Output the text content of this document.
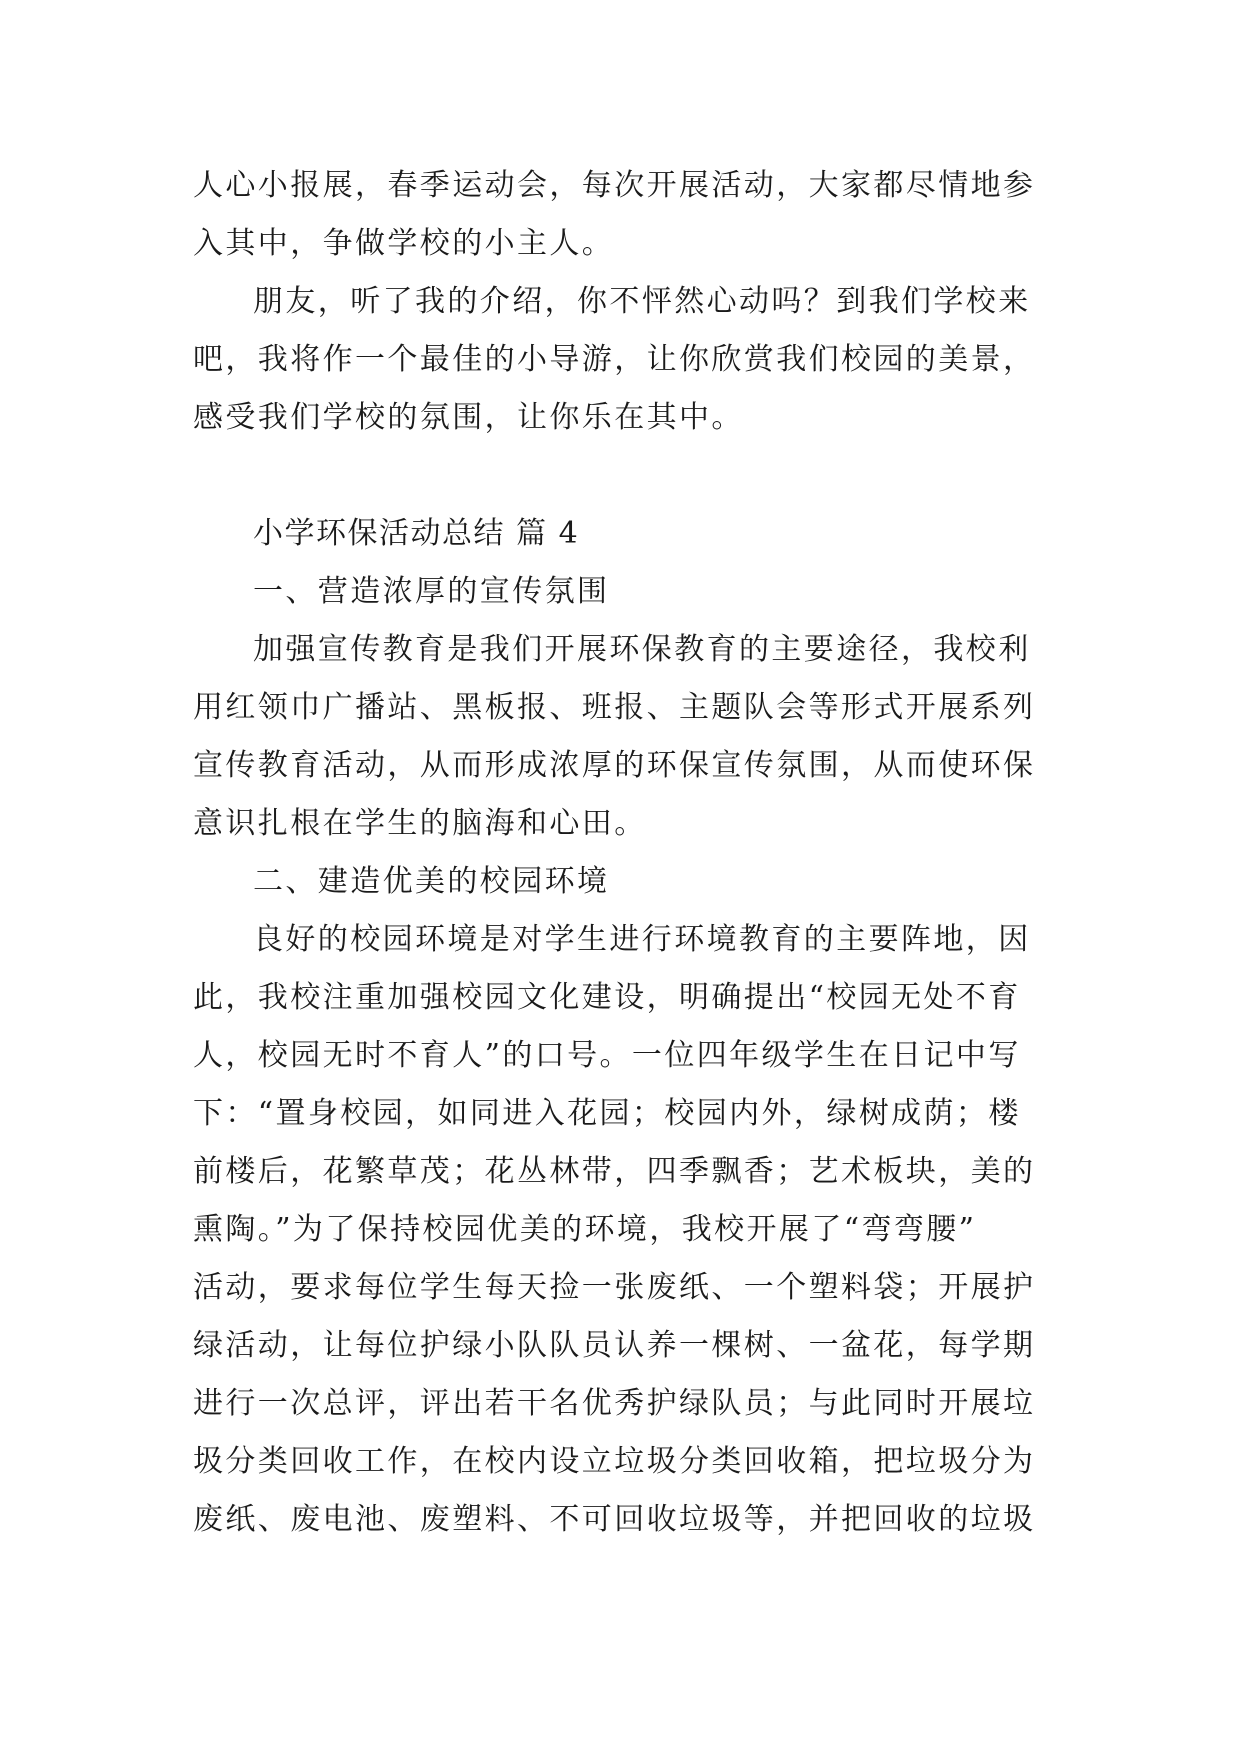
人心小报展，春季运动会，每次开展活动，大家都尽情地参
入其中，争做学校的小主人。
朋友，听了我的介绍，你不怦然心动吗？到我们学校来
吧，我将作一个最佳的小导游，让你欣赏我们校园的美景，
感受我们学校的氛围，让你乐在其中。
小学环保活动总结 篇 4
一、营造浓厚的宣传氛围
加强宣传教育是我们开展环保教育的主要途径，我校利
用红领巾广播站、黑板报、班报、主题队会等形式开展系列
宣传教育活动，从而形成浓厚的环保宣传氛围，从而使环保
意识扎根在学生的脑海和心田。
二、建造优美的校园环境
良好的校园环境是对学生进行环境教育的主要阵地，因
此，我校注重加强校园文化建设，明确提出“校园无处不育
人，校园无时不育人”的口号。一位四年级学生在日记中写
下：“置身校园，如同进入花园；校园内外，绿树成荫；楼
前楼后，花繁草茂；花丛林带，四季飘香；艺术板块，美的
熏陶。”为了保持校园优美的环境，我校开展了“弯弯腰”
活动，要求每位学生每天捡一张废纸、一个塑料袋；开展护
绿活动，让每位护绿小队队员认养一棵树、一盆花，每学期
进行一次总评，评出若干名优秀护绿队员；与此同时开展垃
圾分类回收工作，在校内设立垃圾分类回收箱，把垃圾分为
废纸、废电池、废塑料、不可回收垃圾等，并把回收的垃圾
